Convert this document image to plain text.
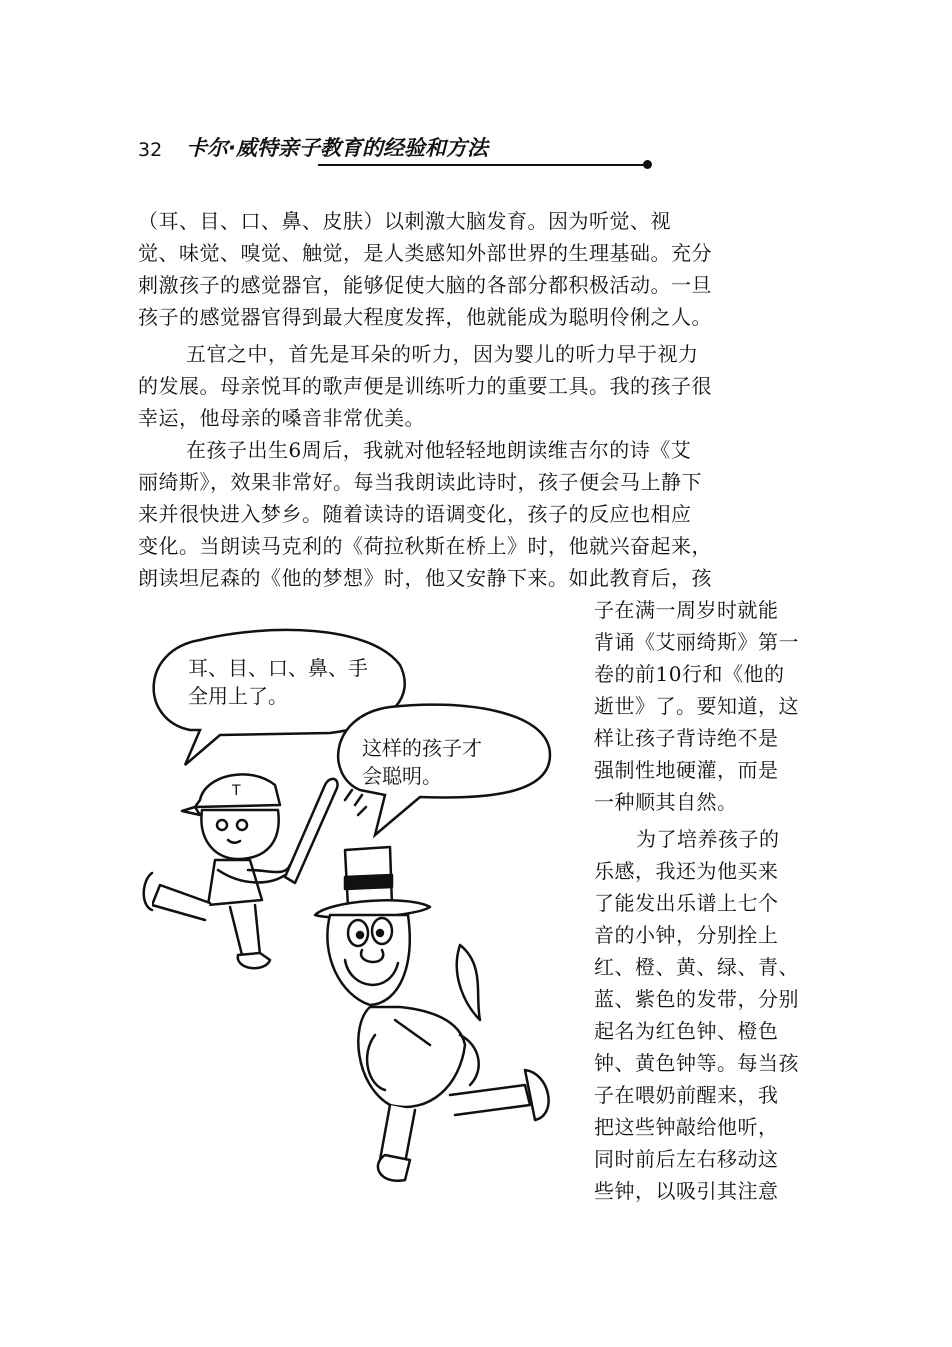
32 卡尔·威特亲子教育的经验和方法
（耳、目、口、鼻、皮肤）以刺激大脑发育。因为听觉、视
觉、味觉、嗅觉、触觉，是人类感知外部世界的生理基础。充分
刺激孩子的感觉器官，能够促使大脑的各部分都积极活动。一旦
孩子的感觉器官得到最大程度发挥，他就能成为聪明伶俐之人。
五官之中，首先是耳朵的听力，因为婴儿的听力早于视力
的发展。母亲悦耳的歌声便是训练听力的重要工具。我的孩子很
幸运，他母亲的嗓音非常优美。
在孩子出生6周后，我就对他轻轻地朗读维吉尔的诗《艾
丽绮斯》，效果非常好。每当我朗读此诗时，孩子便会马上静下
来并很快进入梦乡。随着读诗的语调变化，孩子的反应也相应
变化。当朗读马克利的《荷拉秋斯在桥上》时，他就兴奋起来，
朗读坦尼森的《他的梦想》时，他又安静下来。如此教育后，孩
子在满一周岁时就能
背诵《艾丽绮斯》第一
卷的前10行和《他的
逝世》了。要知道，这
样让孩子背诗绝不是
强制性地硬灌，而是
一种顺其自然。
为了培养孩子的
乐感，我还为他买来
了能发出乐谱上七个
音的小钟，分别拴上
红、橙、黄、绿、青、
蓝、紫色的发带，分别
起名为红色钟、橙色
钟、黄色钟等。每当孩
子在喂奶前醒来，我
把这些钟敲给他听，
同时前后左右移动这
些钟，以吸引其注意
耳、目、口、鼻、手
全用上了。
这样的孩子才
会聪明。
T
